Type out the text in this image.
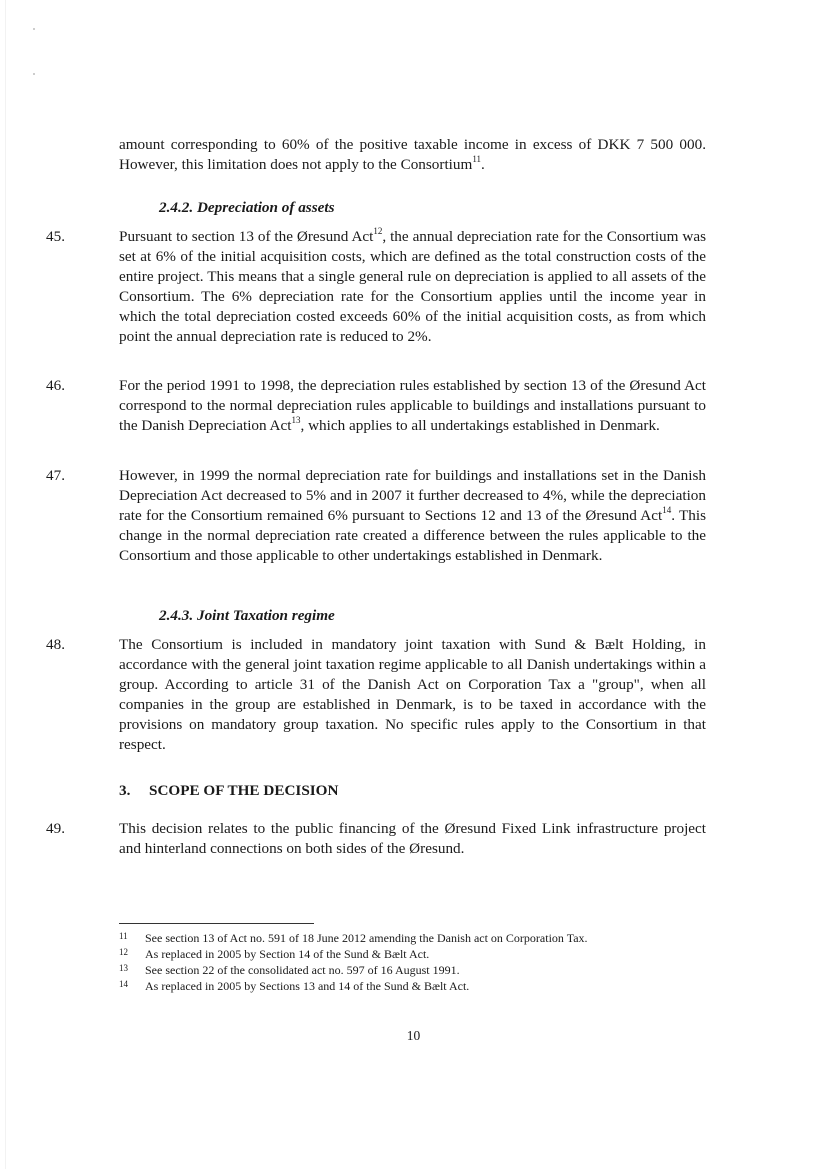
amount corresponding to 60% of the positive taxable income in excess of DKK 7 500 000. However, this limitation does not apply to the Consortium$^{11}$.

2.4.2. Depreciation of assets
45.	Pursuant to section 13 of the Øresund Act$^{12}$, the annual depreciation rate for the Consortium was set at 6% of the initial acquisition costs, which are defined as the total construction costs of the entire project. This means that a single general rule on depreciation is applied to all assets of the Consortium. The 6% depreciation rate for the Consortium applies until the income year in which the total depreciation costed exceeds 60% of the initial acquisition costs, as from which point the annual depreciation rate is reduced to 2%.

46.	For the period 1991 to 1998, the depreciation rules established by section 13 of the Øresund Act correspond to the normal depreciation rules applicable to buildings and installations pursuant to the Danish Depreciation Act$^{13}$, which applies to all undertakings established in Denmark.

47.	However, in 1999 the normal depreciation rate for buildings and installations set in the Danish Depreciation Act decreased to 5% and in 2007 it further decreased to 4%, while the depreciation rate for the Consortium remained 6% pursuant to Sections 12 and 13 of the Øresund Act$^{14}$. This change in the normal depreciation rate created a difference between the rules applicable to the Consortium and those applicable to other undertakings established in Denmark.

2.4.3. Joint Taxation regime
48.	The Consortium is included in mandatory joint taxation with Sund & Bælt Holding, in accordance with the general joint taxation regime applicable to all Danish undertakings within a group. According to article 31 of the Danish Act on Corporation Tax a "group", when all companies in the group are established in Denmark, is to be taxed in accordance with the provisions on mandatory group taxation. No specific rules apply to the Consortium in that respect.

3. SCOPE OF THE DECISION
49.	This decision relates to the public financing of the Øresund Fixed Link infrastructure project and hinterland connections on both sides of the Øresund.

11	See section 13 of Act no. 591 of 18 June 2012 amending the Danish act on Corporation Tax.
12	As replaced in 2005 by Section 14 of the Sund & Bælt Act.
13	See section 22 of the consolidated act no. 597 of 16 August 1991.
14	As replaced in 2005 by Sections 13 and 14 of the Sund & Bælt Act.
10
